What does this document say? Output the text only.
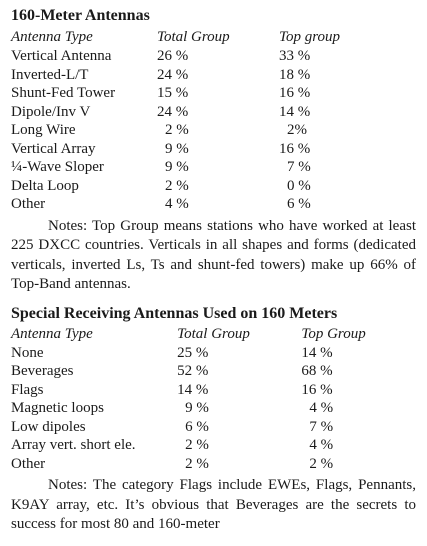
160-Meter Antennas
Antenna Type	Total Group	Top group
Vertical Antenna	26 %	33 %
Inverted-L/T	24 %	18 %
Shunt-Fed Tower	15 %	16 %
Dipole/Inv V	24 %	14 %
Long Wire	2 %	2%
Vertical Array	9 %	16 %
¼-Wave Sloper	9 %	7 %
Delta Loop	2 %	0 %
Other	4 %	6 %

Notes: Top Group means stations who have worked at least 225 DXCC countries. Verticals in all shapes and forms (dedicated verticals, inverted Ls, Ts and shunt-fed towers) make up 66% of Top-Band antennas.

Special Receiving Antennas Used on 160 Meters
Antenna Type	Total Group	Top Group
None	25 %	14 %
Beverages	52 %	68 %
Flags	14 %	16 %
Magnetic loops	9 %	4 %
Low dipoles	6 %	7 %
Array vert. short ele.	2 %	4 %
Other	2 %	2 %

Notes: The category Flags include EWEs, Flags, Pennants, K9AY array, etc. It’s obvious that Beverages are the secrets to success for most 80 and 160-meter
